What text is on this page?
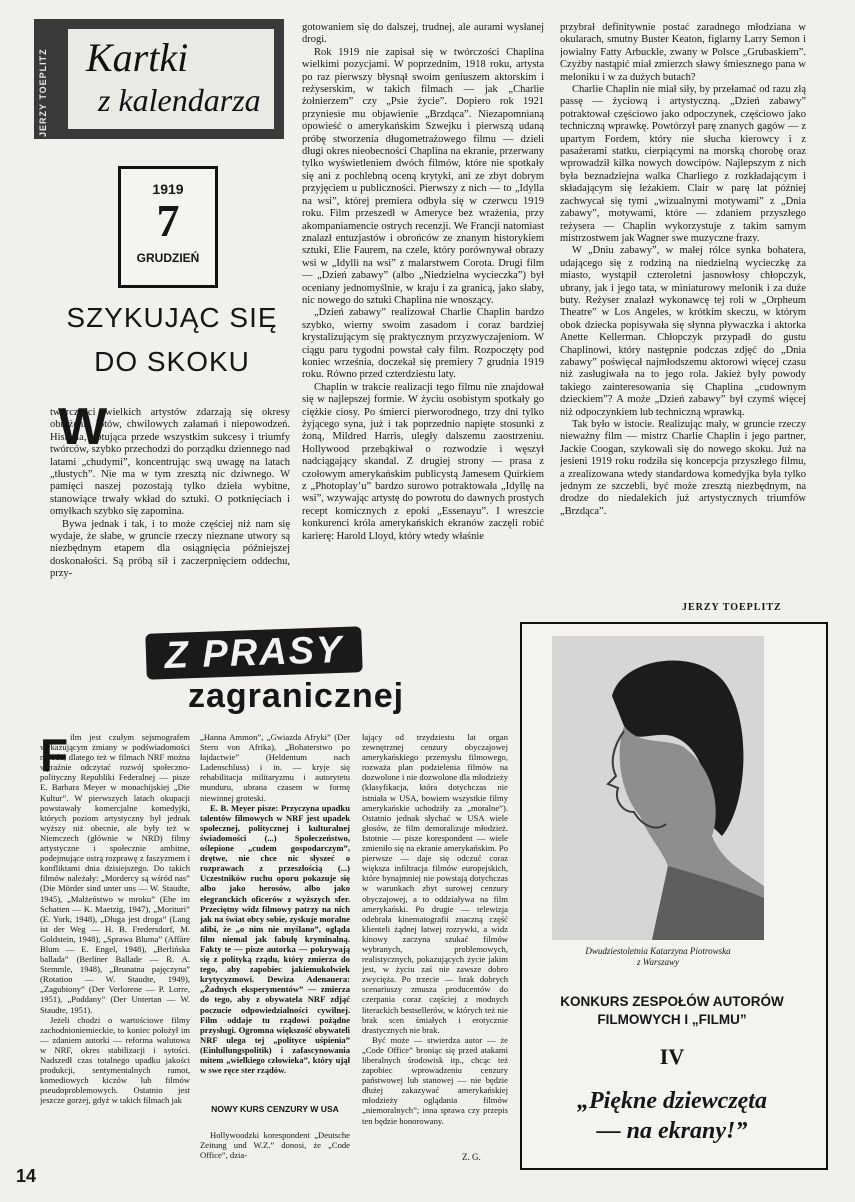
JERZY TOEPLITZ Kartki
z kalendarza
1919
7
GRUDZIEŃ
SZYKUJĄC SIĘ
DO SKOKU
W

twórczości wielkich artystów zdarzają się okresy obniżenia lotów, chwilowych załamań i niepowodzeń. Historia, notująca przede wszystkim sukcesy i triumfy twórców, szybko przechodzi do porządku dziennego nad latami „chudymi”, koncentrując swą uwagę na latach „tłustych”. Nie ma w tym zresztą nic dziwnego. W pamięci naszej pozostają tylko dzieła wybitne, stanowiące trwały wkład do sztuki. O potknięciach i omyłkach szybko się zapomina.

Bywa jednak i tak, i to może częściej niż nam się wydaje, że słabe, w gruncie rzeczy nieznane utwory są niezbędnym etapem dla osiągnięcia późniejszej doskonałości. Są próbą sił i zaczerpnięciem oddechu, przy-

gotowaniem się do dalszej, trudnej, ale aurami wysłanej drogi.

Rok 1919 nie zapisał się w twórczości Chaplina wielkimi pozycjami. W poprzednim, 1918 roku, artysta po raz pierwszy błysnął swoim geniuszem aktorskim i reżyserskim, w takich filmach — jak „Charlie żołnierzem” czy „Psie życie”. Dopiero rok 1921 przyniesie mu objawienie „Brzdąca”. Niezapomnianą opowieść o amerykańskim Szwejku i pierwszą udaną próbę stworzenia długometrażowego filmu — dzieli długi okres nieobecności Chaplina na ekranie, przerwany tylko wyświetleniem dwóch filmów, które nie spotkały się ani z pochlebną oceną krytyki, ani ze zbyt dobrym przyjęciem u publiczności. Pierwszy z nich — to „Idylla na wsi”, której premiera odbyła się w czerwcu 1919 roku. Film przeszedł w Ameryce bez wrażenia, przy akompaniamencie ostrych recenzji. We Francji natomiast znalazł entuzjastów i obrońców ze znanym historykiem sztuki, Elie Faurem, na czele, który porównywał obrazy wsi w „Idylli na wsi” z malarstwem Corota. Drugi film — „Dzień zabawy” (albo „Niedzielna wycieczka”) był oceniany jednomyślnie, w kraju i za granicą, jako słaby, nic nowego do sztuki Chaplina nie wnoszący.

„Dzień zabawy” realizował Charlie Chaplin bardzo szybko, wierny swoim zasadom i coraz bardziej krystalizującym się praktycznym przyzwyczajeniom. W ciągu paru tygodni powstał cały film. Rozpoczęty pod koniec września, doczekał się premiery 7 grudnia 1919 roku. Równo przed czterdziestu laty.

Chaplin w trakcie realizacji tego filmu nie znajdował się w najlepszej formie. W życiu osobistym spotkały go ciężkie ciosy. Po śmierci pierworodnego, trzy dni tylko żyjącego syna, już i tak poprzednio napięte stosunki z żoną, Mildred Harris, uległy dalszemu zaostrzeniu. Hollywood przebąkiwał o rozwodzie i węszył nadciągający skandal. Z drugiej strony — prasa z czołowym amerykańskim publicystą Jamesem Quirkiem z „Photoplay’u” bardzo surowo potraktowała „Idyllę na wsi”, wzywając artystę do powrotu do dawnych prostych recept komicznych z epoki „Essenayu”. I wreszcie konkurenci króla amerykańskich ekranów zaczęli robić karierę: Harold Lloyd, który wtedy właśnie

przybrał definitywnie postać zaradnego młodziana w okularach, smutny Buster Keaton, figlarny Larry Semon i jowialny Fatty Arbuckle, zwany w Polsce „Grubaskiem”. Czyżby nastąpić miał zmierzch sławy śmiesznego pana w meloniku i w za dużych butach?

Charlie Chaplin nie miał siły, by przełamać od razu złą passę — życiową i artystyczną. „Dzień zabawy” potraktował częściowo jako odpoczynek, częściowo jako techniczną wprawkę. Powtórzył parę znanych gagów — z upartym Fordem, który nie słucha kierowcy i z pasażerami statku, cierpiącymi na morską chorobę oraz wprowadził kilka nowych dowcipów. Najlepszym z nich była beznadziejna walka Charliego z rozkładającym i składającym się leżakiem. Clair w parę lat później zachwycał się tymi „wizualnymi motywami” z „Dnia zabawy”, motywami, które — zdaniem przyszłego reżysera — Chaplin wykorzystuje z takim samym mistrzostwem jak Wagner swe muzyczne frazy.

W „Dniu zabawy”, w małej rólce synka bohatera, udającego się z rodziną na niedzielną wycieczkę za miasto, wystąpił czteroletni jasnowłosy chłopczyk, ubrany, jak i jego tata, w miniaturowy melonik i za duże buty. Reżyser znalazł wykonawcę tej roli w „Orpheum Theatre” w Los Angeles, w krótkim skeczu, w którym obok dziecka popisywała się słynna pływaczka i aktorka Anette Kellerman. Chłopczyk przypadł do gustu Chaplinowi, który następnie podczas zdjęć do „Dnia zabawy” poświęcał najmłodszemu aktorowi więcej czasu niż zasługiwała na to jego rola. Jakież były powody takiego zainteresowania się Chaplina „cudownym dzieckiem”? A może „Dzień zabawy” był czymś więcej niż odpoczynkiem lub techniczną wprawką.

Tak było w istocie. Realizując mały, w gruncie rzeczy nieważny film — mistrz Charlie Chaplin i jego partner, Jackie Coogan, szykowali się do nowego skoku. Już na jesieni 1919 roku rodziła się koncepcja przyszłego filmu, a zrealizowana wtedy standardowa komedyjka była tylko jednym ze szczebli, być może zresztą niezbędnym, na drodze do niedalekich już artystycznych triumfów „Brzdąca”.

JERZY TOEPLITZ
Z PRASY
zagranicznej
F ilm jest czułym sejsmografem wykazującym zmiany w podświadomości narodu, dlatego też w filmach NRF można wyraźnie odczytać rozwój społeczno-polityczny Republiki Federalnej — pisze E. Barbara Meyer w monachijskiej „Die Kultur”. W pierwszych latach okupacji powstawały komercjalne komedyjki, których poziom artystyczny był jednak wyższy niż obecnie, ale były też w Niemczech (głównie w NRD) filmy artystyczne i społecznie ambitne, podejmujące ostrą rozprawę z faszyzmem i konfliktami dnia dzisiejszego. Do takich filmów należały: „Mordercy są wśród nas” (Die Mörder sind unter uns — W. Staudte, 1945), „Małżeństwo w mroku” (Ehe im Schatten — K. Maetzig, 1947), „Morituri” (E. York, 1948), „Długa jest droga” (Lang ist der Weg — H. B. Fredersdorf, M. Goldstein, 1948), „Sprawa Bluma” (Affäre Blum — E. Engel, 1948), „Berlińska ballada” (Berliner Ballade — R. A. Stemmle, 1948), „Brunatna pajęczyna” (Rotation — W. Staudte, 1949), „Zagubiony” (Der Verlorene — P. Lorre, 1951), „Poddany” (Der Untertan — W. Staudte, 1951).

Jeżeli chodzi o wartościowe filmy zachodnioniemieckie, to koniec położył im — zdaniem autorki — reforma walutowa w NRF, okres stabilizacji i sytości. Nadszedł czas totalnego upadku jakości produkcji, sentymentalnych ramot, komediowych kiczów lub filmów pseudoproblemowych. Ostatnio jest jeszcze gorzej, gdyż w takich filmach jak

„Hanna Ammon”, „Gwiazda Afryki” (Der Stern von Afrika), „Bohaterstwo po łajdactwie” (Heldentum nach Ladenschluss) i in. — kryje się rehabilitacja militaryzmu i autorytetu munduru, ubrana czasem w formę niewinnej groteski.

E. B. Meyer pisze: Przyczyna upadku talentów filmowych w NRF jest upadek społecznej, politycznej i kulturalnej świadomości (...) Społeczeństwo, oślepione „cudem gospodarczym”, drętwe, nie chce nic słyszeć o rozprawach z przeszłością (...) Uczestników ruchu oporu pokazuje się albo jako herosów, albo jako elegranckich oficerów z wyższych sfer. Przeciętny widz filmowy patrzy na nich jak na świat obcy sobie, zyskuje moralne alibi, że „o nim nie myślano”, ogląda film niemal jak fabułę kryminalną. Fakty te — pisze autorka — pokrywają się z polityką rządu, który zmierza do tego, aby zapobiec jakiemukolwiek krytycyzmowi. Dewiza Adenauera: „Żadnych eksperymentów” — zmierza do tego, aby z obywatela NRF zdjąć poczucie odpowiedzialności cywilnej. Film oddaje tu rządowi pożądne przysługi. Ogromna większość obywateli NRF ulega tej „polityce uśpienia” (Einlullungspolitik) i zafascynowania mitem „wielkiego człowieka”, który ujął w swe ręce ster rządów.

NOWY KURS CENZURY W USA

Hollywoodzki korespondent „Deutsche Zeitung und W.Z.” donosi, że „Code Office”, dzia-

łający od trzydziestu lat organ zewnętrznej cenzury obyczajowej amerykańskiego przemysłu filmowego, rozważa plan podzielenia filmów na dozwolone i nie dozwolone dla młodzieży (klasyfikacja, która dotychczas nie istniała w USA, bowiem wszystkie filmy amerykańskie uchodziły za „moralne”). Ostatnio jednak słychać w USA wiele głosów, że film demoralizuje młodzież. Istotnie — pisze korespondent — wiele zmieniło się na ekranie amerykańskim. Po pierwsze — daje się odczuć coraz większa infiltracja filmów europejskich, które bynajmniej nie powstają dotychczas w warunkach zbyt surowej cenzury obyczajowej, a to oddziaływa na film amerykański. Po drugie — telewizja odebrała kinematografii znaczną część klienteli żądnej łatwej rozrywki, a widz kinowy zaczyna szukać filmów wybranych, problemowych, realistycznych, pokazujących życie jakim jest, w życiu zaś nie zawsze dobro zwycięża. Po trzecie — brak dobrych scenariuszy zmusza producentów do czerpania coraz częściej z modnych literackich bestsellerów, w których też nie brak scen śmiałych i erotycznie drastycznych nie brak.

Być może — stwierdza autor — że „Code Office” broniąc się przed atakami liberalnych środowisk itp., chcąc też zapobiec wprowadzeniu cenzury państwowej lub stanowej — nie będzie dłużej zakazywać amerykańskiej młodzieży oglądania filmów „niemoralnych”; inna sprawa czy przepis ten będzie honorowany.

Z. G.
Dwudziestoletnia Katarzyna Piotrowska
z Warszawy
KONKURS ZESPOŁÓW AUTORÓW
FILMOWYCH I „FILMU”
IV
„Piękne dziewczęta
— na ekrany!”
14
